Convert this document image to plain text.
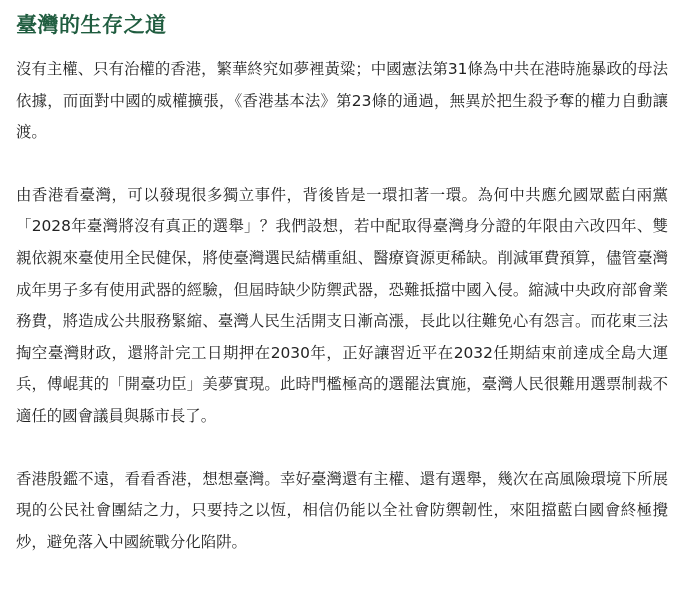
臺灣的生存之道

沒有主權、只有治權的香港，繁華終究如夢裡黃粱；中國憲法第31條為中共在港時施暴政的母法依據，而面對中國的威權擴張，《香港基本法》第23條的通過，無異於把生殺予奪的權力自動讓渡。

由香港看臺灣，可以發現很多獨立事件，背後皆是一環扣著一環。為何中共應允國眾藍白兩黨「2028年臺灣將沒有真正的選舉」？我們設想，若中配取得臺灣身分證的年限由六改四年、雙親依親來臺使用全民健保，將使臺灣選民結構重組、醫療資源更稀缺。削減軍費預算，儘管臺灣成年男子多有使用武器的經驗，但屆時缺少防禦武器，恐難抵擋中國入侵。縮減中央政府部會業務費，將造成公共服務緊縮、臺灣人民生活開支日漸高漲，長此以往難免心有怨言。而花東三法掏空臺灣財政，還將計完工日期押在2030年，正好讓習近平在2032任期結束前達成全島大運兵，傅崐萁的「開臺功臣」美夢實現。此時門檻極高的選罷法實施，臺灣人民很難用選票制裁不適任的國會議員與縣市長了。

香港殷鑑不遠，看看香港，想想臺灣。幸好臺灣還有主權、還有選舉，幾次在高風險環境下所展現的公民社會團結之力，只要持之以恆，相信仍能以全社會防禦韌性，來阻擋藍白國會終極攪炒，避免落入中國統戰分化陷阱。
